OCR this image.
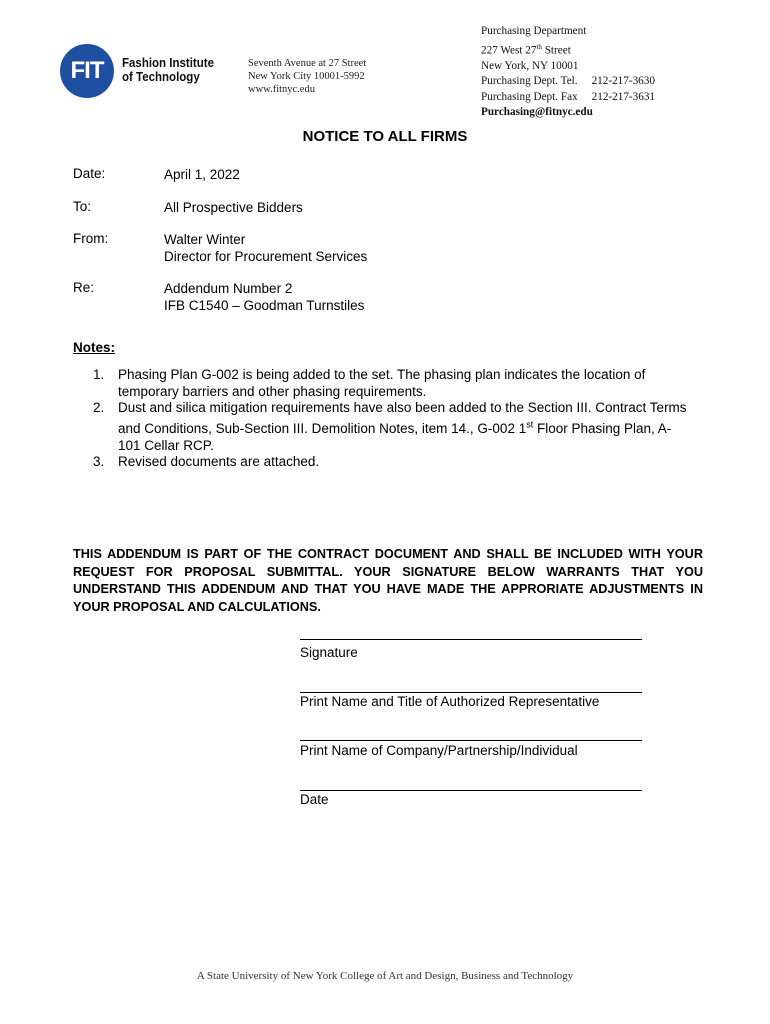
FIT	Fashion Institute
of Technology
Seventh Avenue at 27 Street
New York City 10001-5992
www.fitnyc.edu
Purchasing Department
227 West 27th Street
New York, NY 10001
Purchasing Dept. Tel. 212-217-3630
Purchasing Dept. Fax 212-217-3631
Purchasing@fitnyc.edu
NOTICE TO ALL FIRMS
Date:	April 1, 2022
To:	All Prospective Bidders
From:	Walter Winter
Director for Procurement Services
Re:	Addendum Number 2
IFB C1540 – Goodman Turnstiles
Notes:
1. Phasing Plan G-002 is being added to the set. The phasing plan indicates the location of temporary barriers and other phasing requirements.
2. Dust and silica mitigation requirements have also been added to the Section III. Contract Terms and Conditions, Sub-Section III. Demolition Notes, item 14., G-002 1st Floor Phasing Plan, A-101 Cellar RCP.
3. Revised documents are attached.
THIS ADDENDUM IS PART OF THE CONTRACT DOCUMENT AND SHALL BE INCLUDED WITH YOUR REQUEST FOR PROPOSAL SUBMITTAL. YOUR SIGNATURE BELOW WARRANTS THAT YOU UNDERSTAND THIS ADDENDUM AND THAT YOU HAVE MADE THE APPRORIATE ADJUSTMENTS IN YOUR PROPOSAL AND CALCULATIONS.
Signature
Print Name and Title of Authorized Representative
Print Name of Company/Partnership/Individual
Date
A State University of New York College of Art and Design, Business and Technology
